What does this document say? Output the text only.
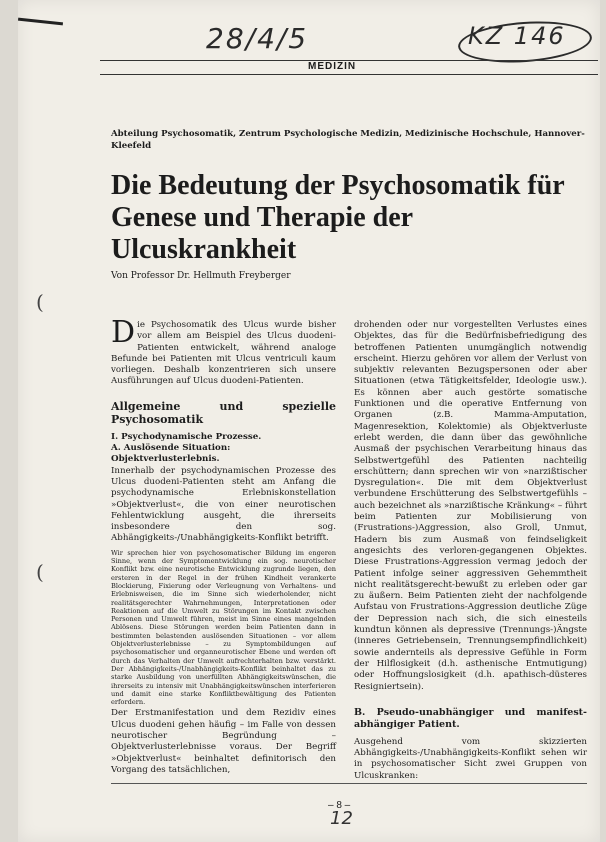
28/4/5	KZ 146
MEDIZIN
Abteilung Psychosomatik, Zentrum Psychologische Medizin, Medizinische Hochschule, Hannover-Kleefeld
Die Bedeutung der Psychosomatik für Genese und Therapie der Ulcuskrankheit
Von Professor Dr. Hellmuth Freyberger

Die Psychosomatik des Ulcus wurde bisher vor allem am Beispiel des Ulcus duodeni-Patienten entwickelt, während analoge Befunde bei Patienten mit Ulcus ventriculi kaum vorliegen. Deshalb konzentrieren sich unsere Ausführungen auf Ulcus duodeni-Patienten.

Allgemeine und spezielle Psychosomatik

I. Psychodynamische Prozesse.

A. Auslösende Situation:

Objektverlusterlebnis.

Innerhalb der psychodynamischen Prozesse des Ulcus duodeni-Patienten steht am Anfang die psychodynamische Erlebniskonstellation »Objektverlust«, die von einer neurotischen Fehlentwicklung ausgeht, die ihrerseits insbesondere den sog. Abhängigkeits-/Unabhängigkeits-Konflikt betrifft.

Wir sprechen hier von psychosomatischer Bildung im engeren Sinne, wenn der Symptomentwicklung ein sog. neurotischer Konflikt bzw. eine neurotische Entwicklung zugrunde liegen, den ersteren in der Regel in der frühen Kindheit verankerte Blockierung, Fixierung oder Verleugnung von Verhaltens- und Erlebnisweisen, die im Sinne sich wiederholender, nicht realitätsgerechter Wahrnehmungen, Interpretationen oder Reaktionen auf die Umwelt zu Störungen im Kontakt zwischen Personen und Umwelt führen, meist im Sinne eines mangelnden Ablösens. Diese Störungen werden beim Patienten dann in bestimmten belastenden auslösenden Situationen – vor allem Objektverlusterlebnisse – zu Symptombildungen auf psychosomatischer und organneurotischer Ebene und werden oft durch das Verhalten der Umwelt aufrechterhalten bzw. verstärkt. Der Abhängigkeits-/Unabhängigkeits-Konflikt beinhaltet das zu starke Ausbildung von unerfüllten Abhängigkeitswünschen, die ihrerseits zu intensiv mit Unabhängigkeitswünschen interferieren und damit eine starke Konfliktbewältigung des Patienten erfordern.

Der Erstmanifestation und dem Rezidiv eines Ulcus duodeni gehen häufig – im Falle von dessen neurotischer Begründung – Objektverlusterlebnisse voraus. Der Begriff »Objektverlust« beinhaltet definitorisch den Vorgang des tatsächlichen,

drohenden oder nur vorgestellten Verlustes eines Objektes, das für die Bedürfnisbefriedigung des betroffenen Patienten unumgänglich notwendig erscheint. Hierzu gehören vor allem der Verlust von subjektiv relevanten Bezugspersonen oder aber Situationen (etwa Tätigkeitsfelder, Ideologie usw.). Es können aber auch gestörte somatische Funktionen und die operative Entfernung von Organen (z.B. Mamma-Amputation, Magenresektion, Kolektomie) als Objektverluste erlebt werden, die dann über das gewöhnliche Ausmaß der psychischen Verarbeitung hinaus das Selbstwertgefühl des Patienten nachteilig erschüttern; dann sprechen wir von »narzißtischer Dysregulation«. Die mit dem Objektverlust verbundene Erschütterung des Selbstwertgefühls – auch bezeichnet als »narzißtische Kränkung« – führt beim Patienten zur Mobilisierung von (Frustrations-)Aggression, also Groll, Unmut, Hadern bis zum Ausmaß von feindseligkeit angesichts des verloren-gegangenen Objektes. Diese Frustrations-Aggression vermag jedoch der Patient infolge seiner aggressiven Gehemmtheit nicht realitätsgerecht-bewußt zu erleben oder gar zu äußern. Beim Patienten zieht der nachfolgende Aufstau von Frustrations-Aggression deutliche Züge der Depression nach sich, die sich einesteils kundtun können als depressive (Trennungs-)Ängste (inneres Getriebensein, Trennungsempfindlichkeit) sowie andernteils als depressive Gefühle in Form der Hilflosigkeit (d.h. asthenische Entmutigung) oder Hoffnungslosigkeit (d.h. apathisch-düsteres Resigniertsein).

B. Pseudo-unabhängiger und manifest-abhängiger Patient.

Ausgehend vom skizzierten Abhängigkeits-/Unabhängigkeits-Konflikt sehen wir in psychosomatischer Sicht zwei Gruppen von Ulcuskranken:

– 8 –
12
(
(
